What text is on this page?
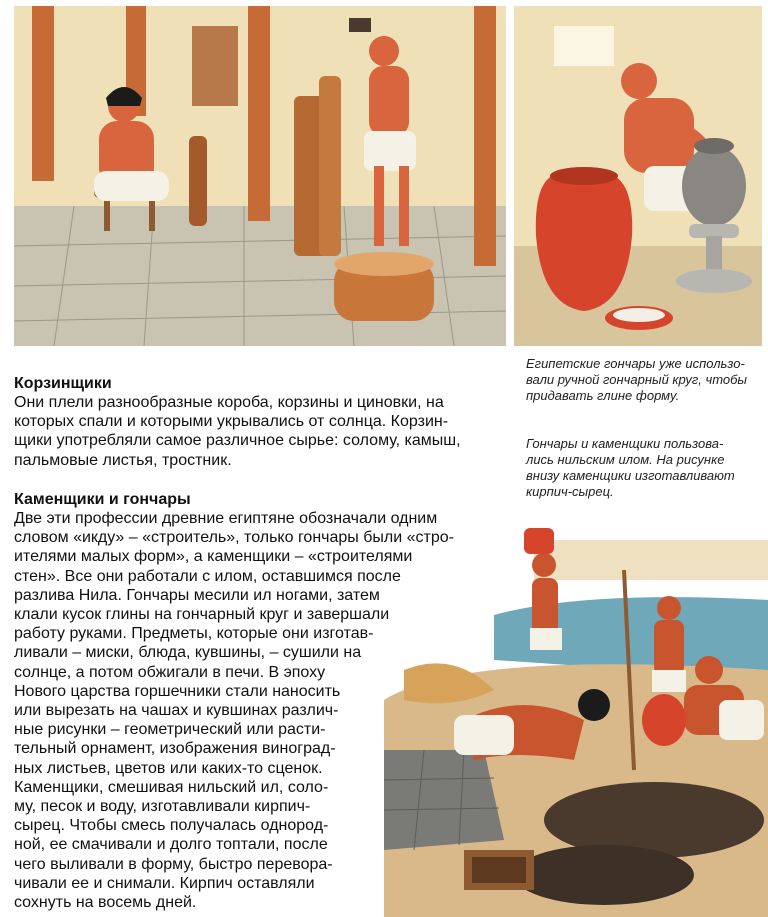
Египетские гончары уже использо-
вали ручной гончарный круг, чтобы
придавать глине форму.
Гончары и каменщики пользова-
лись нильским илом. На рисунке
внизу каменщики изготавливают
кирпич-сырец.
Корзинщики

Они плели разнообразные короба, корзины и циновки, на
которых спали и которыми укрывались от солнца. Корзин-
щики употребляли самое различное сырье: солому, камыш,
пальмовые листья, тростник.

Каменщики и гончары

Две эти профессии древние египтяне обозначали одним
словом «икду» – «строитель», только гончары были «стро-
ителями малых форм», а каменщики – «строителями
стен». Все они работали с илом, оставшимся после
разлива Нила. Гончары месили ил ногами, затем
клали кусок глины на гончарный круг и завершали
работу руками. Предметы, которые они изготав-
ливали – миски, блюда, кувшины, – сушили на
солнце, а потом обжигали в печи. В эпоху
Нового царства горшечники стали наносить
или вырезать на чашах и кувшинах различ-
ные рисунки – геометрический или расти-
тельный орнамент, изображения виноград-
ных листьев, цветов или каких-то сценок.
Каменщики, смешивая нильский ил, соло-
му, песок и воду, изготавливали кирпич-
сырец. Чтобы смесь получалась однород-
ной, ее смачивали и долго топтали, после
чего выливали в форму, быстро перевора-
чивали ее и снимали. Кирпич оставляли
сохнуть на восемь дней.
